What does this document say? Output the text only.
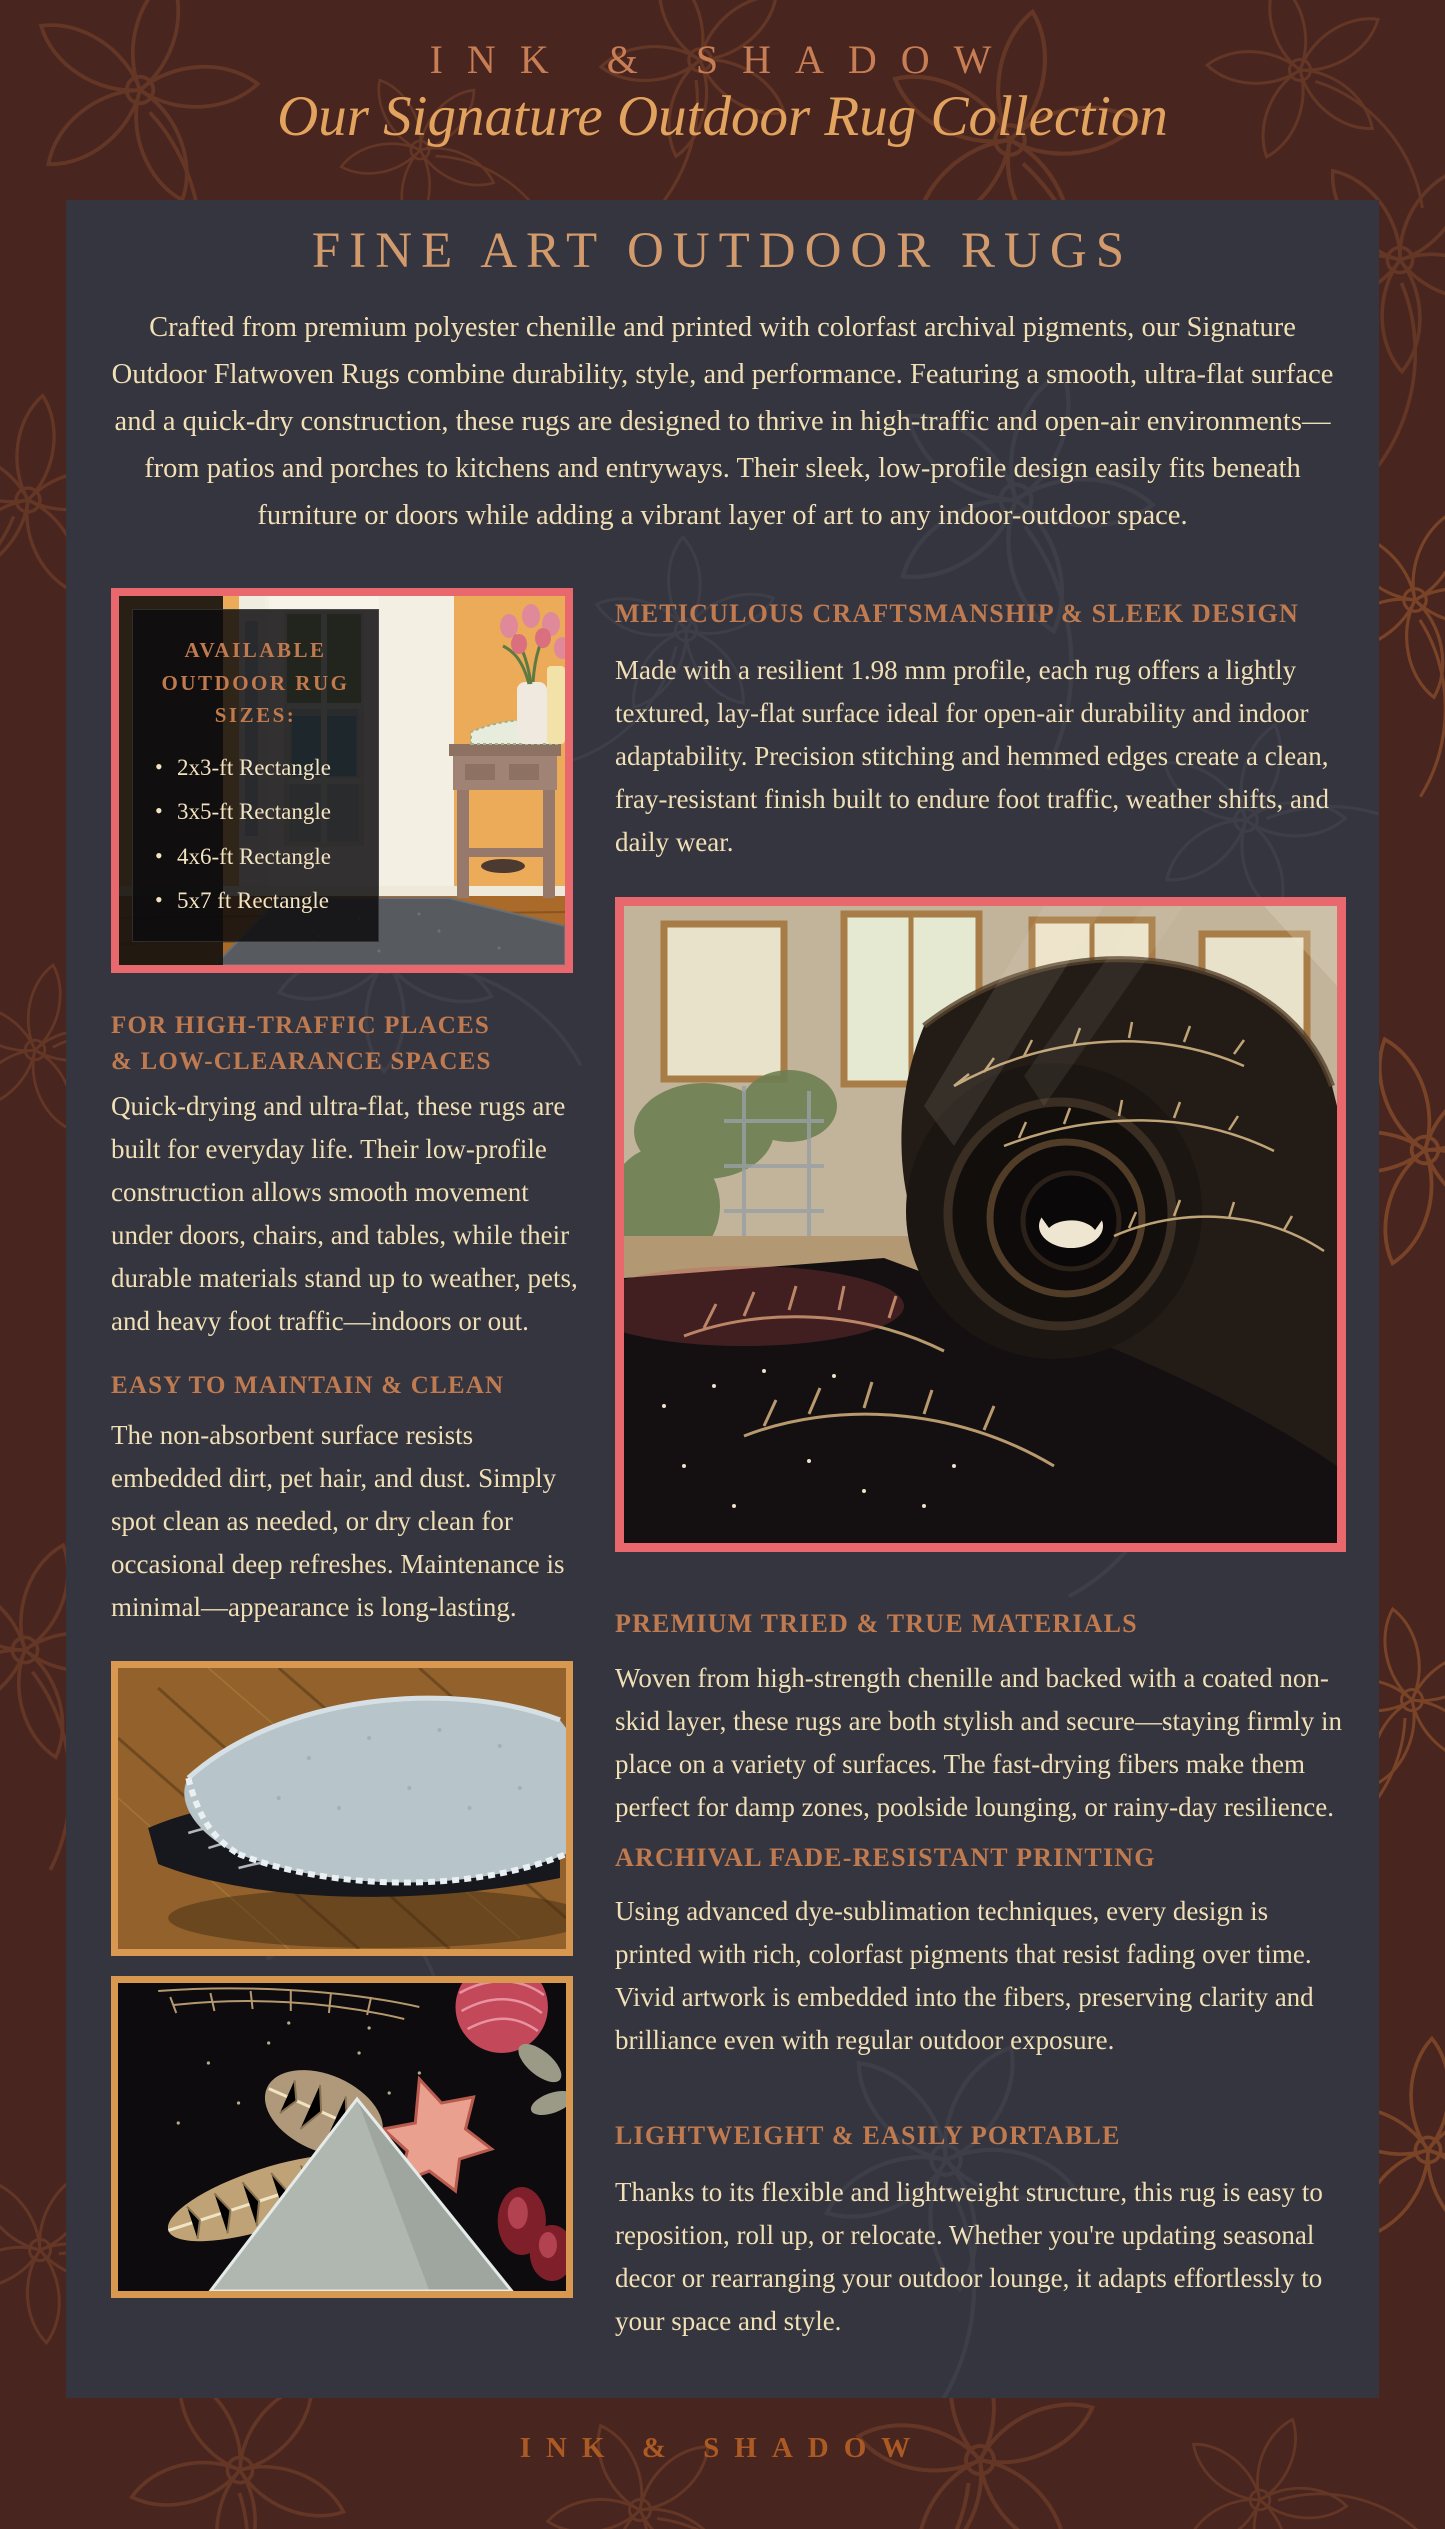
INK & SHADOW
Our Signature Outdoor Rug Collection
FINE ART OUTDOOR RUGS

Crafted from premium polyester chenille and printed with colorfast archival pigments, our Signature Outdoor Flatwoven Rugs combine durability, style, and performance. Featuring a smooth, ultra-flat surface and a quick-dry construction, these rugs are designed to thrive in high-traffic and open-air environments—from patios and porches to kitchens and entryways. Their sleek, low-profile design easily fits beneath furniture or doors while adding a vibrant layer of art to any indoor-outdoor space.

AVAILABLE OUTDOOR RUG SIZES:
• 2x3-ft Rectangle
• 3x5-ft Rectangle
• 4x6-ft Rectangle
• 5x7 ft Rectangle
FOR HIGH-TRAFFIC PLACES & LOW-CLEARANCE SPACES

Quick-drying and ultra-flat, these rugs are built for everyday life. Their low-profile construction allows smooth movement under doors, chairs, and tables, while their durable materials stand up to weather, pets, and heavy foot traffic—indoors or out.

EASY TO MAINTAIN & CLEAN

The non-absorbent surface resists embedded dirt, pet hair, and dust. Simply spot clean as needed, or dry clean for occasional deep refreshes. Maintenance is minimal—appearance is long-lasting.

METICULOUS CRAFTSMANSHIP & SLEEK DESIGN

Made with a resilient 1.98 mm profile, each rug offers a lightly textured, lay-flat surface ideal for open-air durability and indoor adaptability. Precision stitching and hemmed edges create a clean, fray-resistant finish built to endure foot traffic, weather shifts, and daily wear.

PREMIUM TRIED & TRUE MATERIALS

Woven from high-strength chenille and backed with a coated non-skid layer, these rugs are both stylish and secure—staying firmly in place on a variety of surfaces. The fast-drying fibers make them perfect for damp zones, poolside lounging, or rainy-day resilience.

ARCHIVAL FADE-RESISTANT PRINTING

Using advanced dye-sublimation techniques, every design is printed with rich, colorfast pigments that resist fading over time. Vivid artwork is embedded into the fibers, preserving clarity and brilliance even with regular outdoor exposure.

LIGHTWEIGHT & EASILY PORTABLE

Thanks to its flexible and lightweight structure, this rug is easy to reposition, roll up, or relocate. Whether you're updating seasonal decor or rearranging your outdoor lounge, it adapts effortlessly to your space and style.

INK & SHADOW
